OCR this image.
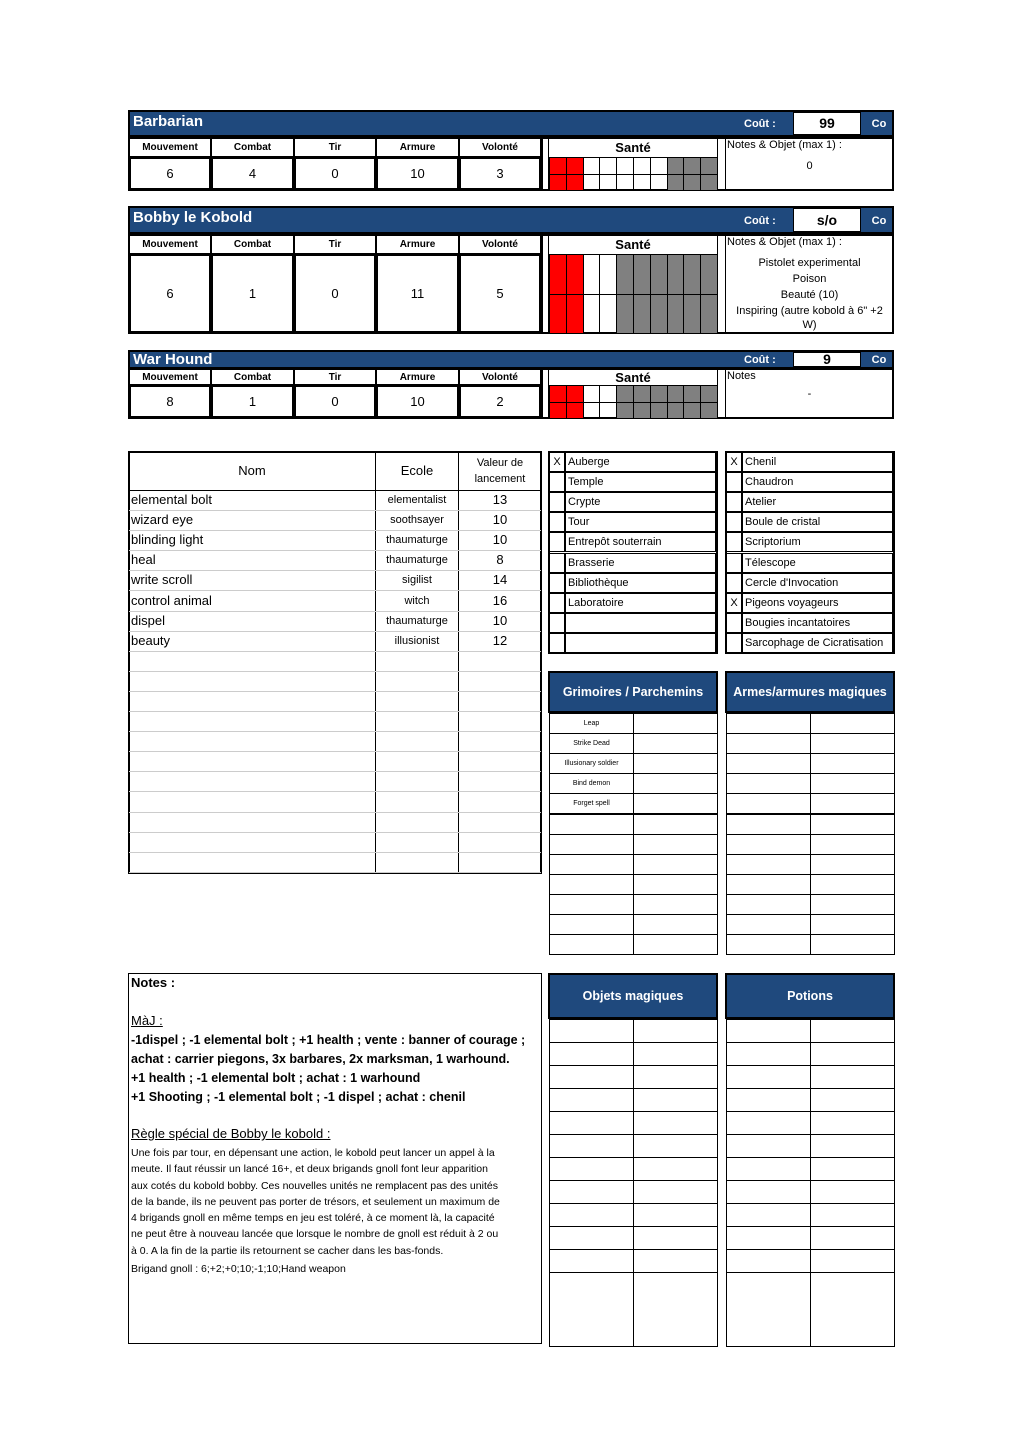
Barbarian	Coût :	99	Co
Mouvement	Combat	Tir	Armure	Volonté
6	4	0	10	3
Santé	Notes & Objet (max 1) :
0
Bobby le Kobold	Coût :	s/o	Co
Mouvement	Combat	Tir	Armure	Volonté
6	1	0	11	5
Santé	Notes & Objet (max 1) :
Pistolet experimental
Poison
Beauté (10)
Inspiring (autre kobold à 6" +2
W)
War Hound	Coût :	9	Co
Mouvement	Combat	Tir	Armure	Volonté
8	1	0	10	2
Santé	Notes
-
Nom	Ecole	Valeur de
lancement
elemental bolt	elementalist	13
wizard eye	soothsayer	10
blinding light	thaumaturge	10
heal	thaumaturge	8
write scroll	sigilist	14
control animal	witch	16
dispel	thaumaturge	10
beauty	illusionist	12
X Auberge
Temple
Crypte
Tour
Entrepôt souterrain
Brasserie
Bibliothèque
Laboratoire
X Chenil
Chaudron
Atelier
Boule de cristal
Scriptorium
Télescope
Cercle d'Invocation
X Pigeons voyageurs
Bougies incantatoires
Sarcophage de Cicratisation
Grimoires / Parchemins	Armes/armures magiques
Leap
Strike Dead
Illusionary soldier
Bind demon
Forget spell
Notes :
MàJ :
-1dispel ; -1 elemental bolt ; +1 health ; vente : banner of courage ;
achat : carrier piegons, 3x barbares, 2x marksman, 1 warhound.
+1 health ; -1 elemental bolt ; achat : 1 warhound
+1 Shooting ; -1 elemental bolt ; -1 dispel ; achat : chenil
Règle spécial de Bobby le kobold :
Une fois par tour, en dépensant une action, le kobold peut lancer un appel à la
meute. Il faut réussir un lancé 16+, et deux brigands gnoll font leur apparition
aux cotés du kobold bobby. Ces nouvelles unités ne remplacent pas des unités
de la bande, ils ne peuvent pas porter de trésors, et seulement un maximum de
4 brigands gnoll en même temps en jeu est toléré, à ce moment là, la capacité
ne peut être à nouveau lancée que lorsque le nombre de gnoll est réduit à 2 ou
à 0. A la fin de la partie ils retournent se cacher dans les bas-fonds.
Brigand gnoll : 6;+2;+0;10;-1;10;Hand weapon
Objets magiques	Potions
